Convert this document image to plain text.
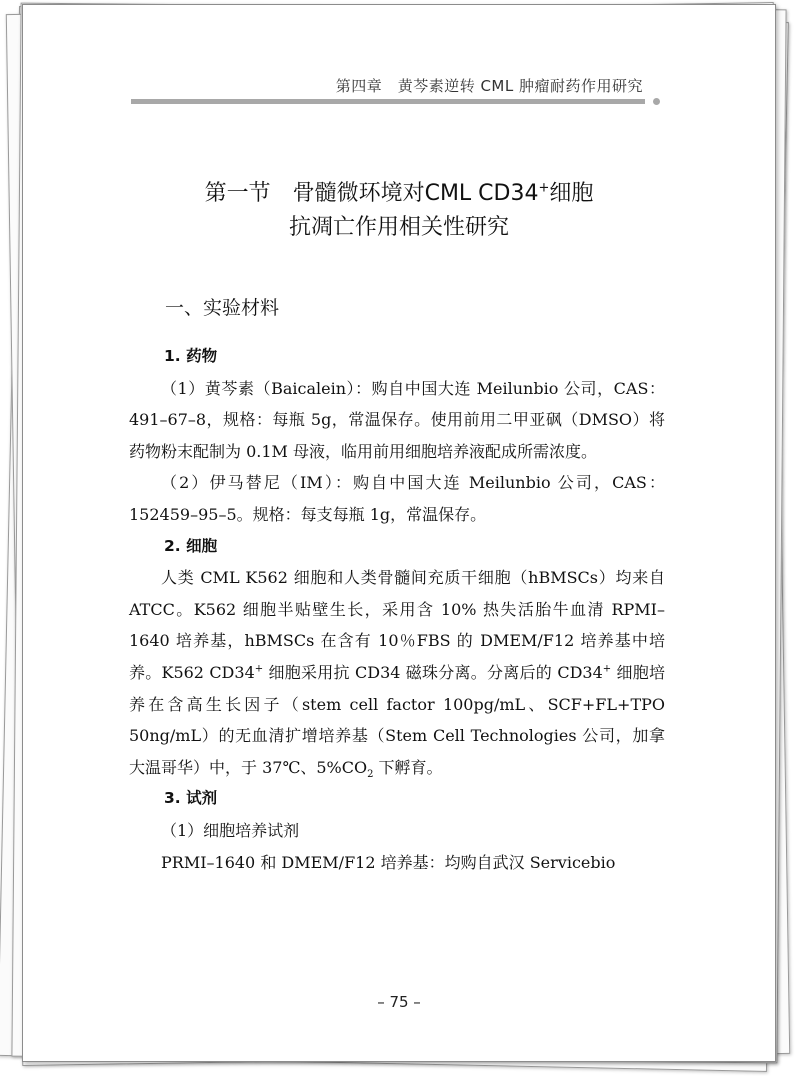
第四章　黄芩素逆转 CML 肿瘤耐药作用研究
第一节　骨髓微环境对CML CD34+细胞
抗凋亡作用相关性研究
一、实验材料
1. 药物
（1）黄芩素（Baicalein）：购自中国大连 Meilunbio 公司，CAS：491–67–8，规格：每瓶 5g，常温保存。使用前用二甲亚砜（DMSO）将药物粉末配制为 0.1M 母液，临用前用细胞培养液配成所需浓度。
（2）伊马替尼（IM）：购自中国大连 Meilunbio 公司，CAS：152459–95–5。规格：每支每瓶 1g，常温保存。
2. 细胞
人类 CML K562 细胞和人类骨髓间充质干细胞（hBMSCs）均来自 ATCC。K562 细胞半贴壁生长，采用含 10% 热失活胎牛血清 RPMI–1640 培养基，hBMSCs 在含有 10％FBS 的 DMEM/F12 培养基中培养。K562 CD34+ 细胞采用抗 CD34 磁珠分离。分离后的 CD34+ 细胞培养在含高生长因子（stem cell factor 100pg/mL、SCF+FL+TPO 50ng/mL）的无血清扩增培养基（Stem Cell Technologies 公司，加拿大温哥华）中，于 37℃、$5\%CO_2$ 下孵育。
3. 试剂
（1）细胞培养试剂
PRMI–1640 和 DMEM/F12 培养基：均购自武汉 Servicebio
– 75 –
